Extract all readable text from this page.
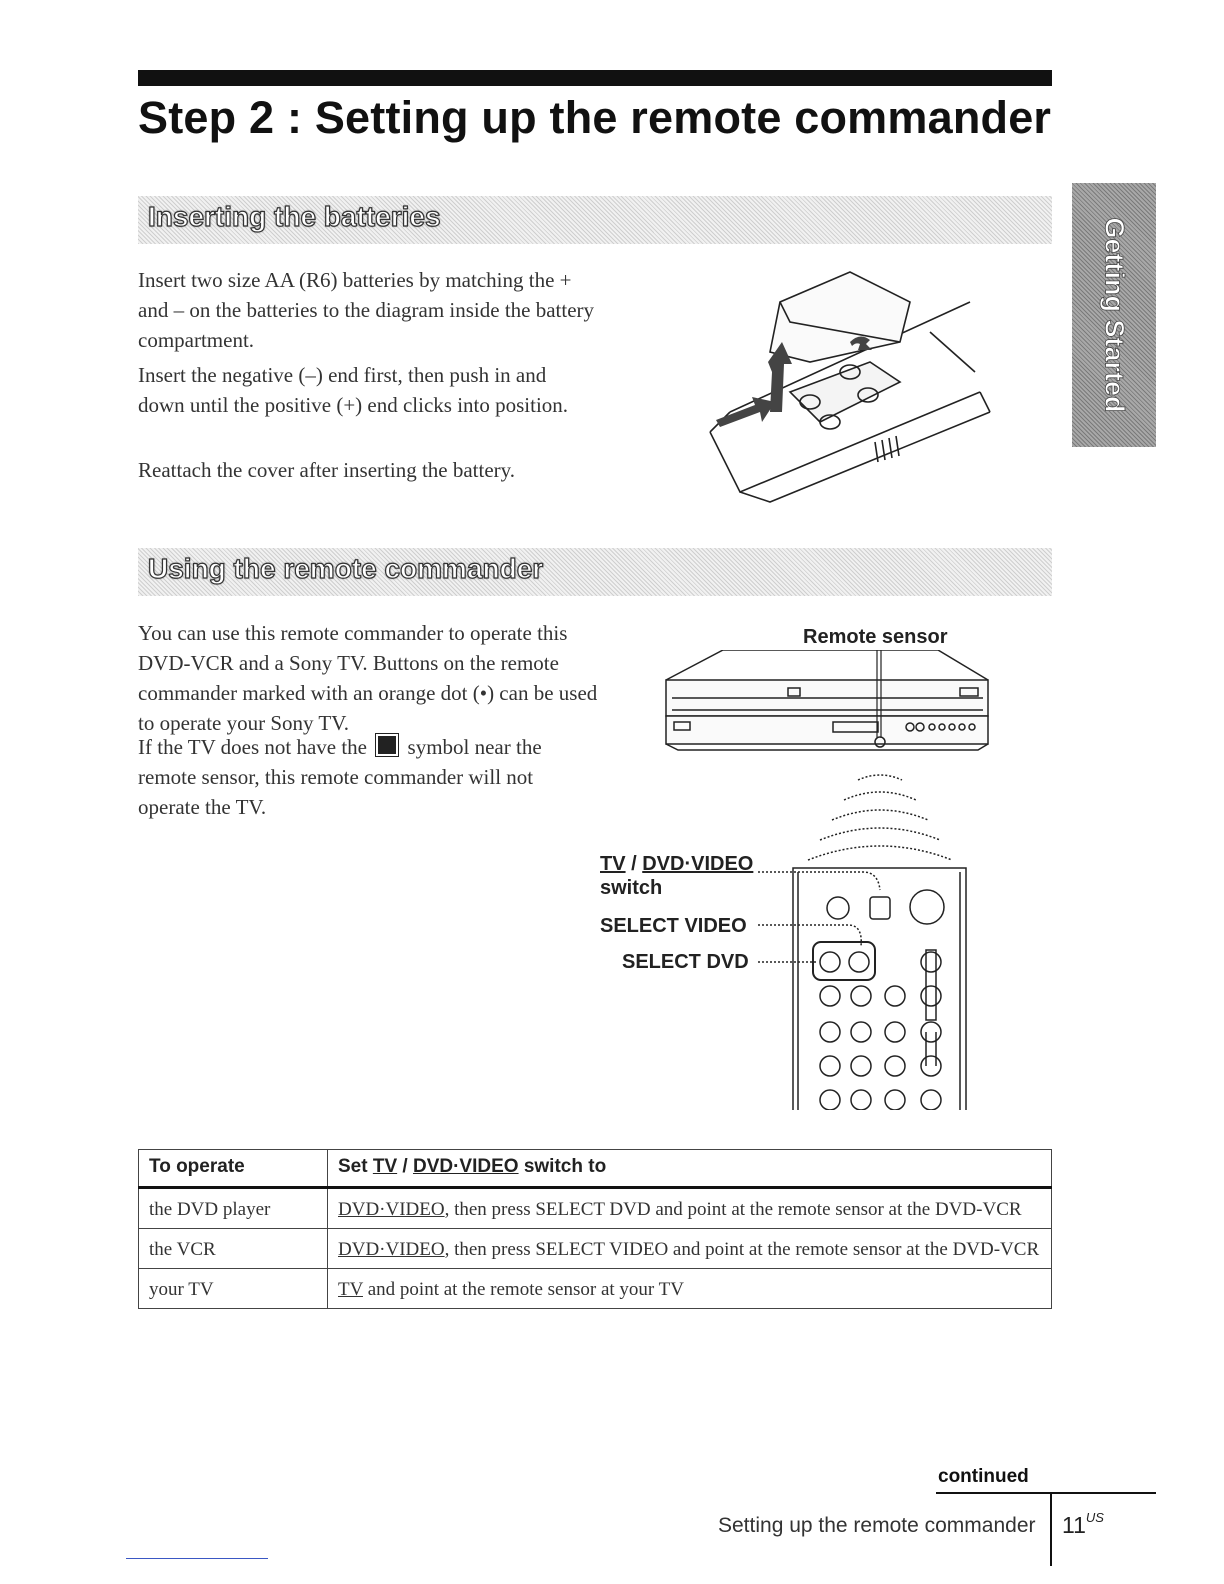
Step 2 : Setting up the remote commander
Getting Started
Inserting the batteries

Insert two size AA (R6) batteries by matching the + and – on the batteries to the diagram inside the battery compartment.

Insert the negative (–) end first, then push in and down until the positive (+) end clicks into position.

Reattach the cover after inserting the battery.

Using the remote commander

You can use this remote commander to operate this DVD-VCR and a Sony TV. Buttons on the remote commander marked with an orange dot (•) can be used to operate your Sony TV.

If the TV does not have the symbol near the remote sensor, this remote commander will not operate the TV.

Remote sensor
TV / DVD·VIDEO
switch
SELECT VIDEO
SELECT DVD
To operate	Set TV / DVD·VIDEO switch to
the DVD player	DVD·VIDEO, then press SELECT DVD and point at the remote sensor at the DVD-VCR
the VCR	DVD·VIDEO, then press SELECT VIDEO and point at the remote sensor at the DVD-VCR
your TV	TV and point at the remote sensor at your TV
continued
Setting up the remote commander $11^{US}$
